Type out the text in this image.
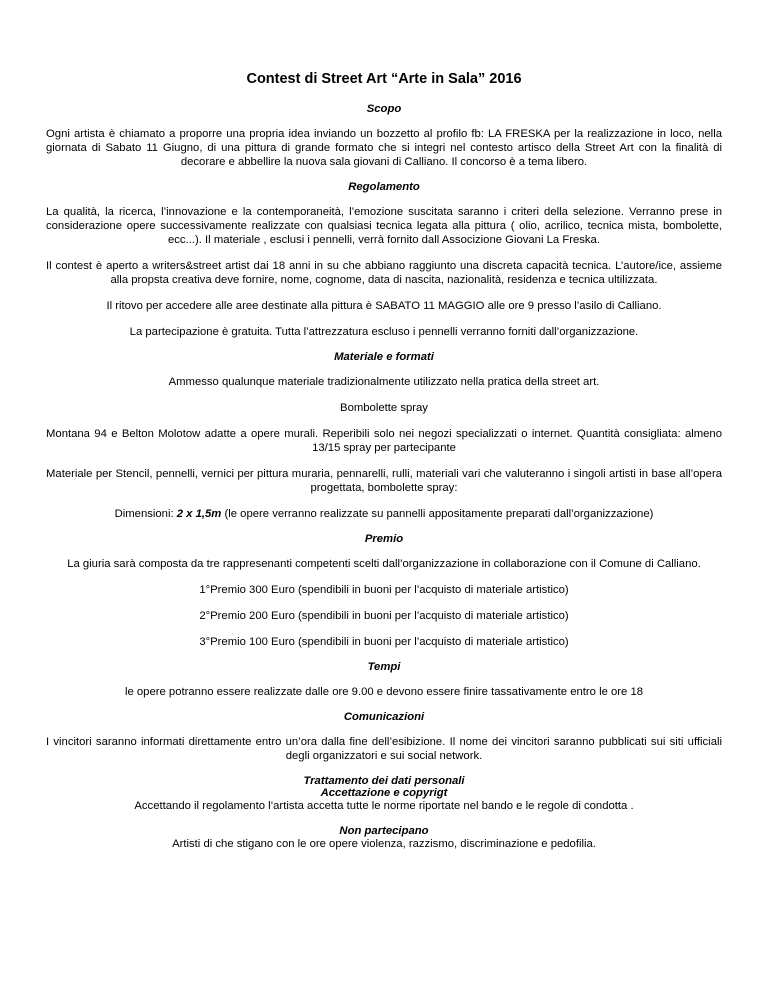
Contest di Street Art “Arte in Sala” 2016
Scopo

Ogni artista è chiamato a proporre una propria idea inviando un bozzetto al profilo fb: LA FRESKA per la realizzazione in loco, nella giornata di Sabato 11 Giugno, di una pittura di grande formato che si integri nel contesto artisco della Street Art con la finalità di decorare e abbellire la nuova sala giovani di Calliano. Il concorso è a tema libero.

Regolamento

La qualità, la ricerca, l’innovazione e la contemporaneità, l’emozione suscitata saranno i criteri della selezione. Verranno prese in considerazione opere successivamente realizzate con qualsiasi tecnica legata alla pittura ( olio, acrilico, tecnica mista, bombolette, ecc...). Il materiale , esclusi i pennelli, verrà fornito dall Associzione Giovani La Freska.

Il contest è aperto a writers&street artist dai 18 anni in su che abbiano raggiunto una discreta capacità tecnica. L’autore/ice, assieme alla propsta creativa deve fornire, nome, cognome, data di nascita, nazionalità, residenza e tecnica ultilizzata.

Il ritovo per accedere alle aree destinate alla pittura è SABATO 11 MAGGIO alle ore 9 presso l’asilo di Calliano.

La partecipazione è gratuita. Tutta l’attrezzatura escluso i pennelli verranno forniti dall’organizzazione.

Materiale e formati

Ammesso qualunque materiale tradizionalmente utilizzato nella pratica della street art.

Bombolette spray

Montana 94 e Belton Molotow adatte a opere murali. Reperibili solo nei negozi specializzati o internet. Quantità consigliata: almeno 13/15 spray per partecipante

Materiale per Stencil, pennelli, vernici per pittura muraria, pennarelli, rulli, materiali vari che valuteranno i singoli artisti in base all’opera progettata, bombolette spray:

Dimensioni: 2 x 1,5m (le opere verranno realizzate su pannelli appositamente preparati dall’organizzazione)

Premio

La giuria sarà composta da tre rappresenanti competenti scelti dall’organizzazione in collaborazione con il Comune di Calliano.

1°Premio 300 Euro (spendibili in buoni per l’acquisto di materiale artistico)

2°Premio 200 Euro (spendibili in buoni per l’acquisto di materiale artistico)

3°Premio 100 Euro (spendibili in buoni per l’acquisto di materiale artistico)

Tempi

le opere potranno essere realizzate dalle ore 9.00 e devono essere finire tassativamente entro le ore 18

Comunicazioni

I vincitori saranno informati direttamente entro un’ora dalla fine dell’esibizione. Il nome dei vincitori saranno pubblicati sui siti ufficiali degli organizzatori e sui social network.

Trattamento dei dati personali
Accettazione e copyrigt

Accettando il regolamento l’artista accetta tutte le norme riportate nel bando e le regole di condotta .

Non partecipano

Artisti di che stigano con le ore opere violenza, razzismo, discriminazione e pedofilia.
